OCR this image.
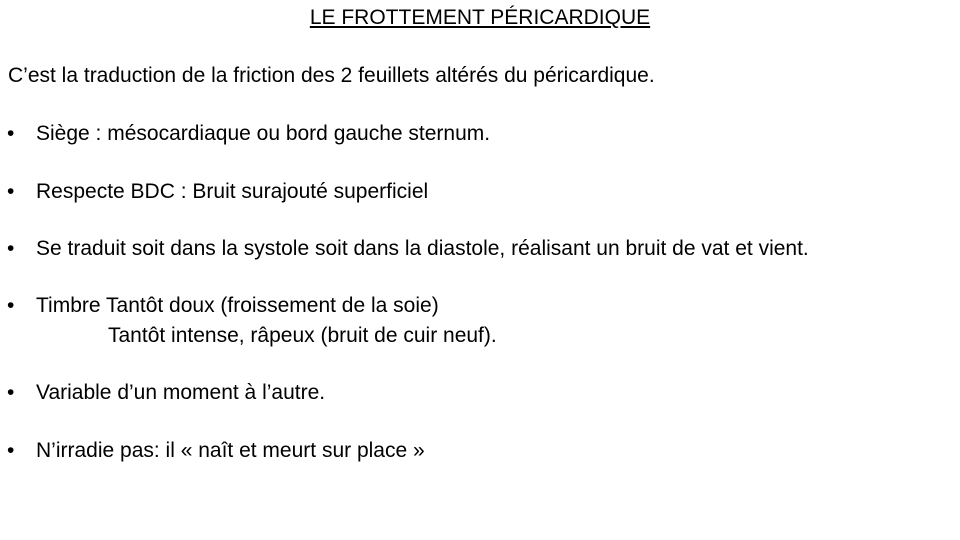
LE FROTTEMENT PÉRICARDIQUE
C’est la traduction de la friction des 2 feuillets altérés du péricardique.
• Siège : mésocardiaque ou bord gauche sternum.
• Respecte BDC : Bruit surajouté superficiel
• Se traduit soit dans la systole soit dans la diastole, réalisant un bruit de vat et vient.
• Timbre Tantôt doux (froissement de la soie)
Tantôt intense, râpeux (bruit de cuir neuf).
• Variable d’un moment à l’autre.
• N’irradie pas: il « naît et meurt sur place »
